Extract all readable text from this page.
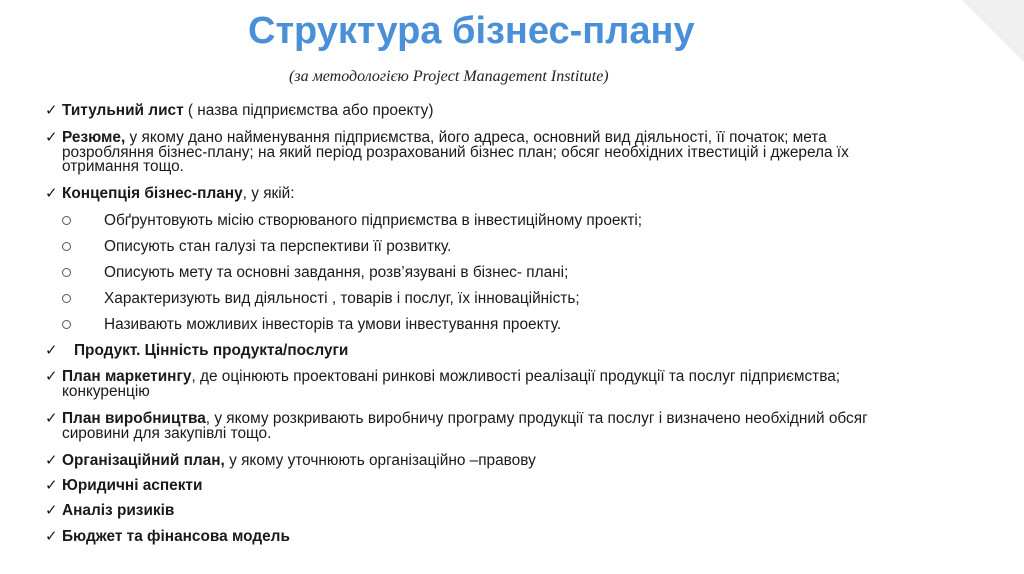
Структура бізнес-плану
(за методологією Project Management Institute)
✓ Титульний лист ( назва підприємства або проекту)
✓ Резюме, у якому дано найменування підприємства, його адреса, основний вид діяльності, її початок; мета розробляння бізнес-плану; на який період розрахований бізнес план; обсяг необхідних ітвестицій і джерела їх отримання тощо.
✓ Концепція бізнес-плану, у якій:
Обґрунтовують місію створюваного підприємства в інвестиційному проекті;
Описують стан галузі та перспективи її розвитку.
Описують мету та основні завдання, розв’язувані в бізнес- плані;
Характеризують вид діяльності , товарів і послуг, їх інноваційність;
Називають можливих інвесторів та умови інвестування проекту.
✓ Продукт. Цінність продукта/послуги
✓ План маркетингу, де оцінюють проектовані ринкові можливості реалізації продукції та послуг підприємства; конкуренцію
✓ План виробництва, у якому розкривають виробничу програму продукції та послуг і визначено необхідний обсяг сировини для закупівлі тощо.
✓ Організаційний план, у якому уточнюють організаційно –правову
✓ Юридичні аспекти
✓ Аналіз ризиків
✓ Бюджет та фінансова модель
